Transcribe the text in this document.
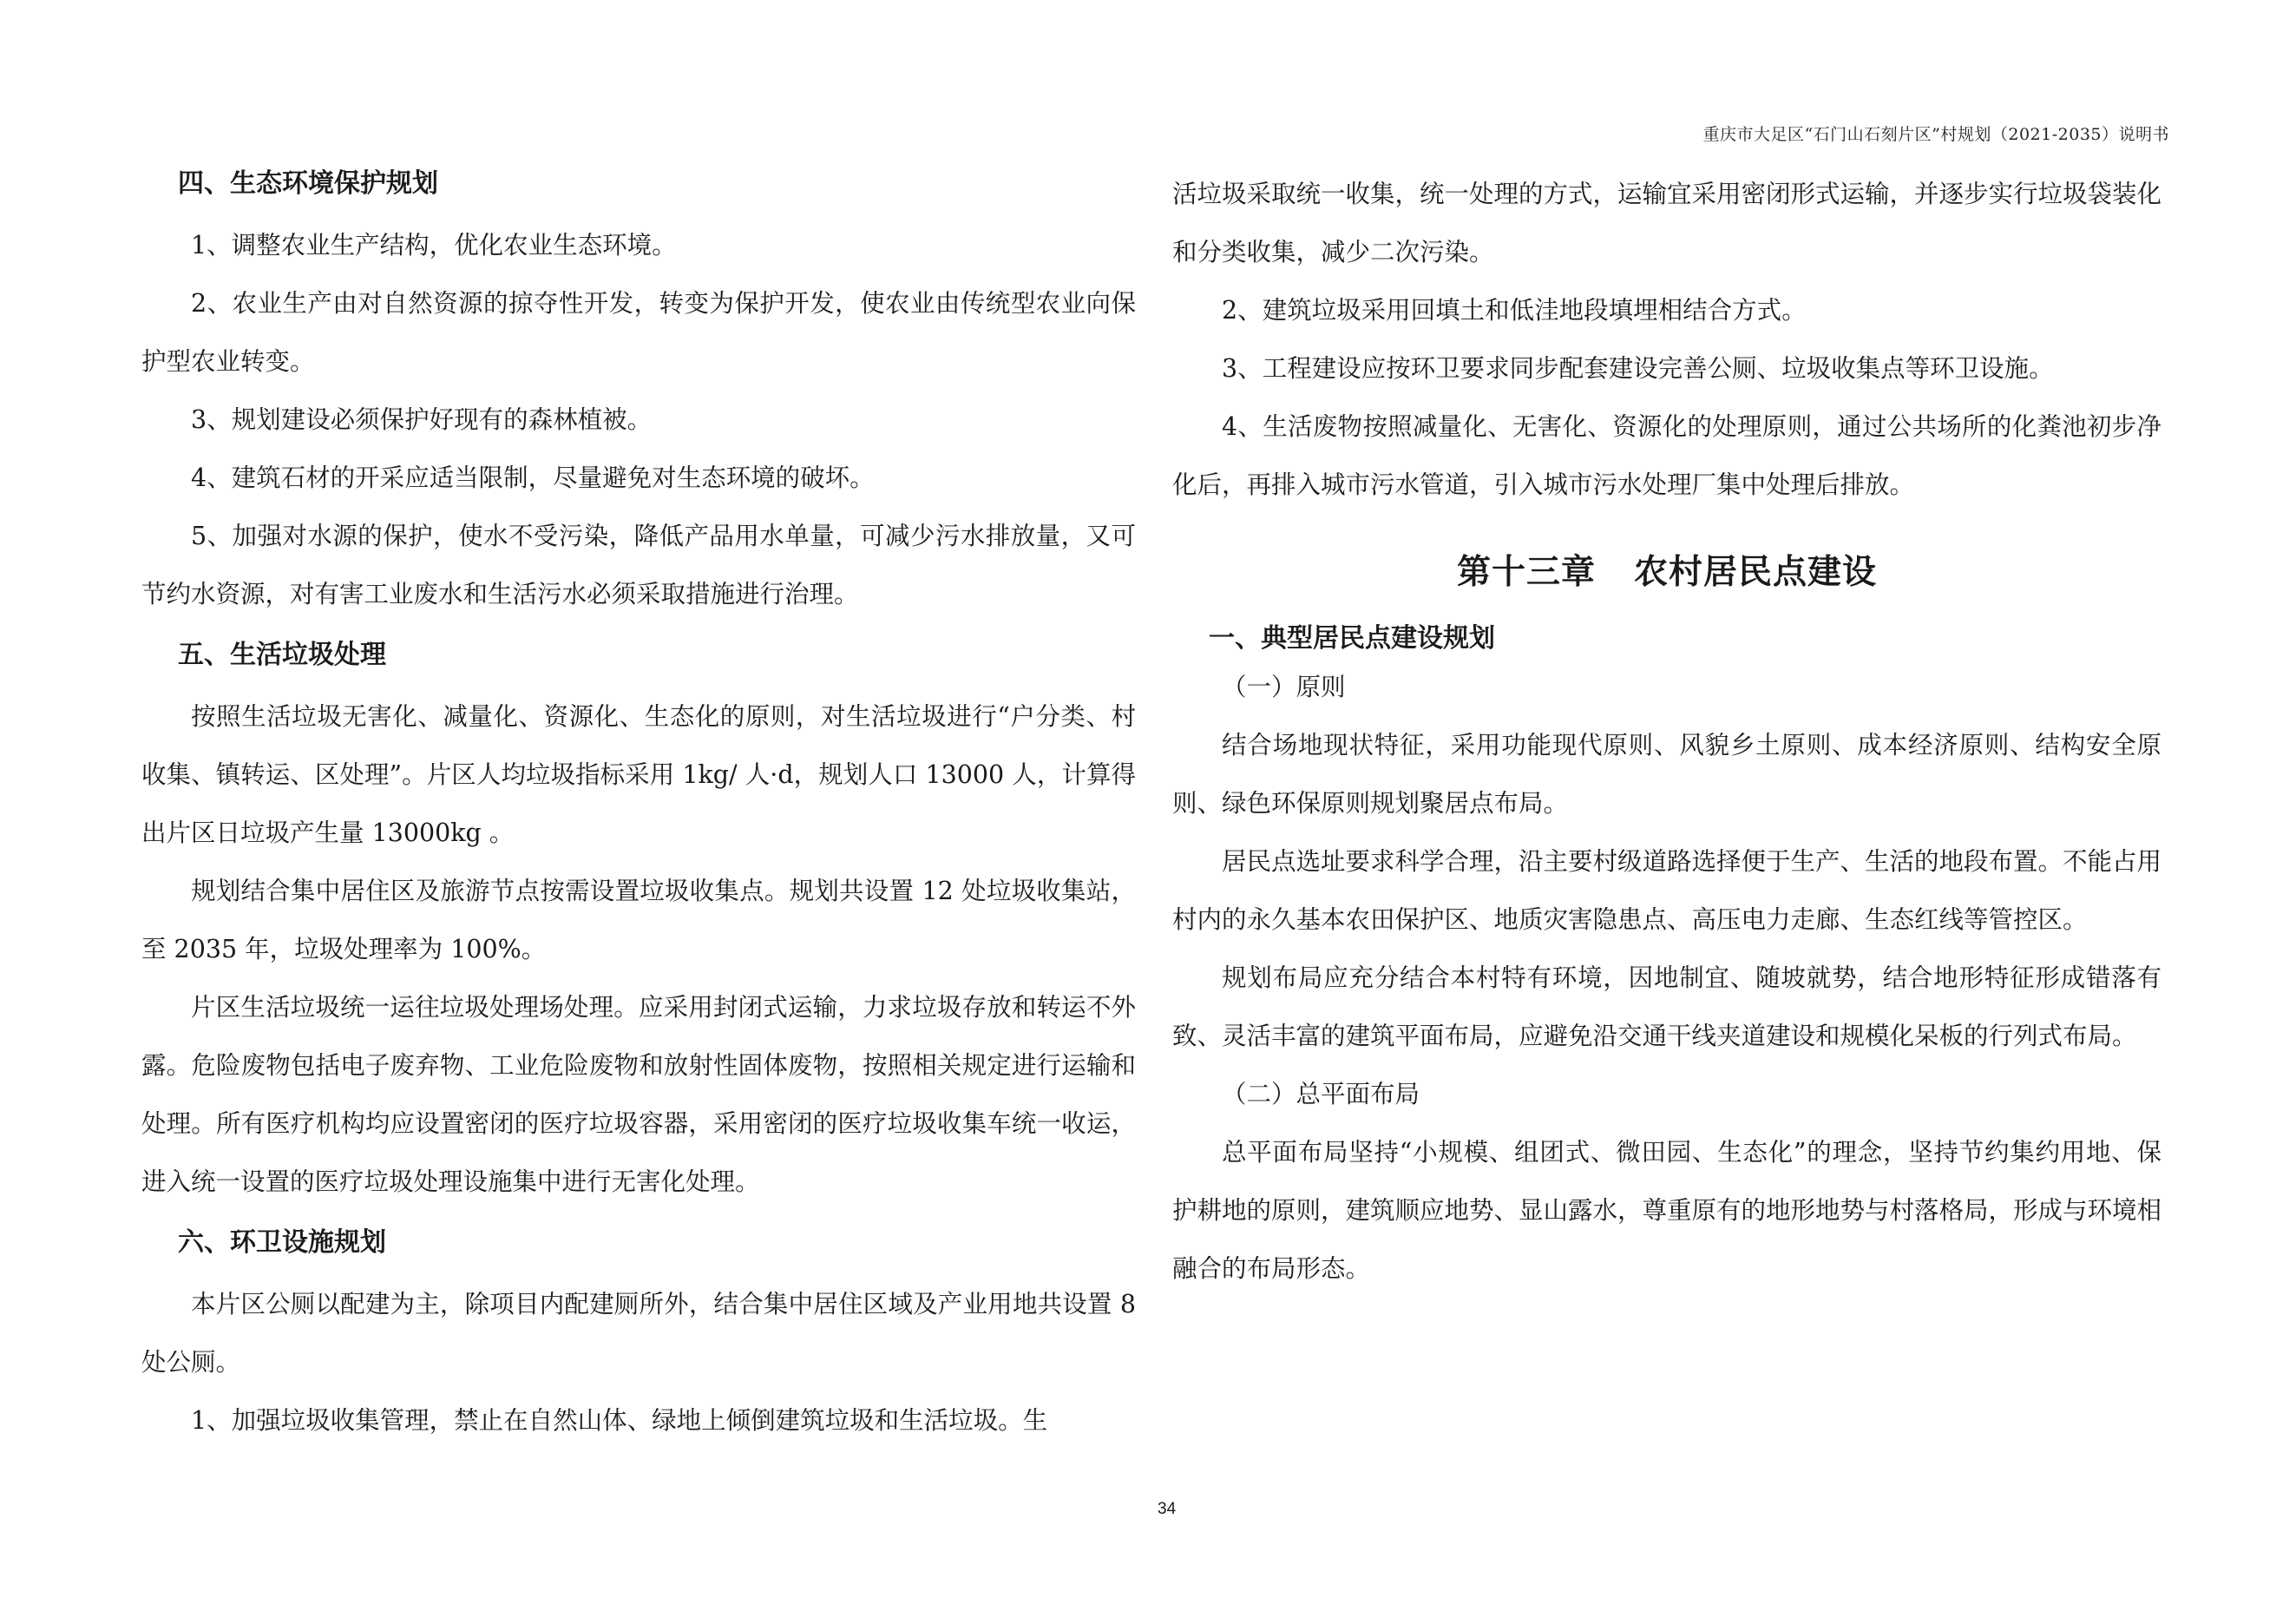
重庆市大足区“石门山石刻片区”村规划（2021-2035）说明书
四、生态环境保护规划

1、调整农业生产结构，优化农业生态环境。

2、农业生产由对自然资源的掠夺性开发，转变为保护开发，使农业由传统型农业向保护型农业转变。

3、规划建设必须保护好现有的森林植被。

4、建筑石材的开采应适当限制，尽量避免对生态环境的破坏。

5、加强对水源的保护，使水不受污染，降低产品用水单量，可减少污水排放量，又可节约水资源，对有害工业废水和生活污水必须采取措施进行治理。

五、生活垃圾处理

按照生活垃圾无害化、减量化、资源化、生态化的原则，对生活垃圾进行“户分类、村收集、镇转运、区处理”。片区人均垃圾指标采用 1kg/ 人·d，规划人口 13000 人，计算得出片区日垃圾产生量 13000kg 。

规划结合集中居住区及旅游节点按需设置垃圾收集点。规划共设置 12 处垃圾收集站，至 2035 年，垃圾处理率为 100%。

片区生活垃圾统一运往垃圾处理场处理。应采用封闭式运输，力求垃圾存放和转运不外露。危险废物包括电子废弃物、工业危险废物和放射性固体废物，按照相关规定进行运输和处理。所有医疗机构均应设置密闭的医疗垃圾容器，采用密闭的医疗垃圾收集车统一收运，进入统一设置的医疗垃圾处理设施集中进行无害化处理。

六、环卫设施规划

本片区公厕以配建为主，除项目内配建厕所外，结合集中居住区域及产业用地共设置 8 处公厕。

1、加强垃圾收集管理，禁止在自然山体、绿地上倾倒建筑垃圾和生活垃圾。生

活垃圾采取统一收集，统一处理的方式，运输宜采用密闭形式运输，并逐步实行垃圾袋装化和分类收集，减少二次污染。

2、建筑垃圾采用回填土和低洼地段填埋相结合方式。

3、工程建设应按环卫要求同步配套建设完善公厕、垃圾收集点等环卫设施。

4、生活废物按照减量化、无害化、资源化的处理原则，通过公共场所的化粪池初步净化后，再排入城市污水管道，引入城市污水处理厂集中处理后排放。

第十三章 农村居民点建设
一、典型居民点建设规划

（一）原则

结合场地现状特征，采用功能现代原则、风貌乡土原则、成本经济原则、结构安全原则、绿色环保原则规划聚居点布局。

居民点选址要求科学合理，沿主要村级道路选择便于生产、生活的地段布置。不能占用村内的永久基本农田保护区、地质灾害隐患点、高压电力走廊、生态红线等管控区。

规划布局应充分结合本村特有环境，因地制宜、随坡就势，结合地形特征形成错落有致、灵活丰富的建筑平面布局，应避免沿交通干线夹道建设和规模化呆板的行列式布局。

（二）总平面布局

总平面布局坚持“小规模、组团式、微田园、生态化”的理念，坚持节约集约用地、保护耕地的原则，建筑顺应地势、显山露水，尊重原有的地形地势与村落格局，形成与环境相融合的布局形态。

34
